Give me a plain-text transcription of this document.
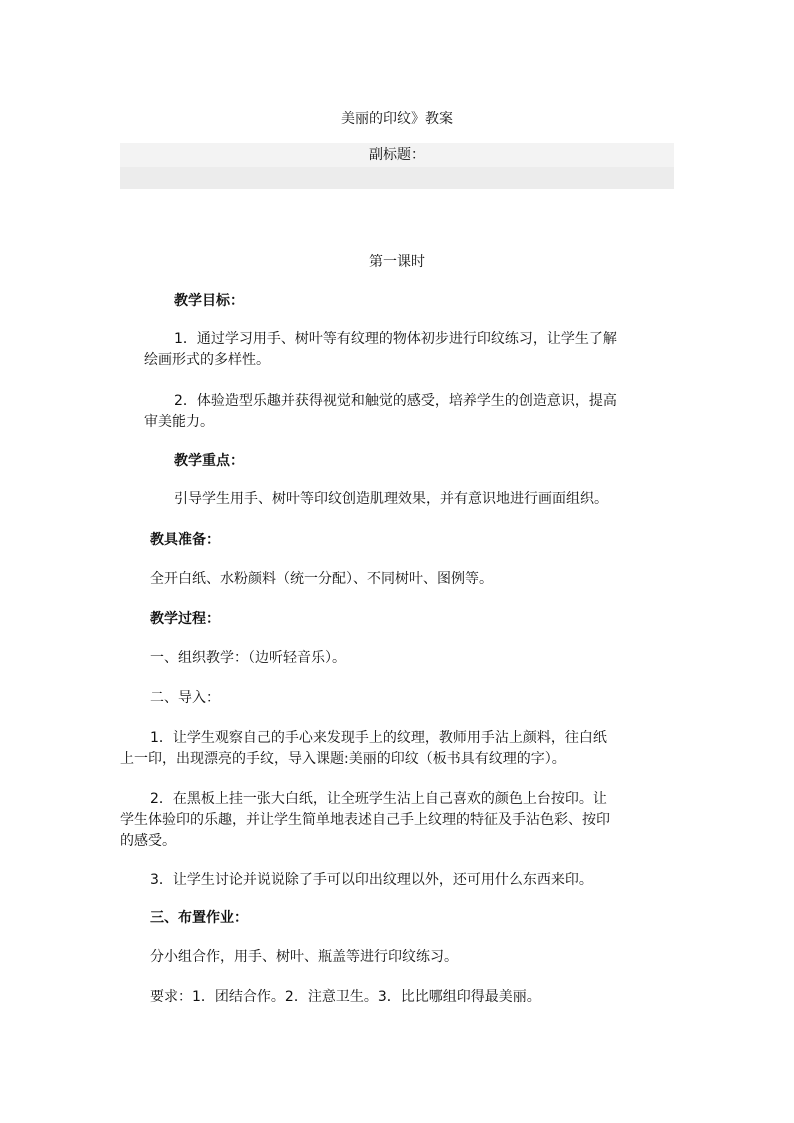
美丽的印纹》教案
副标题：
第一课时
教学目标：
1．通过学习用手、树叶等有纹理的物体初步进行印纹练习，让学生了解
绘画形式的多样性。
2．体验造型乐趣并获得视觉和触觉的感受，培养学生的创造意识，提高
审美能力。
教学重点：
引导学生用手、树叶等印纹创造肌理效果，并有意识地进行画面组织。
教具准备：
全开白纸、水粉颜料（统一分配）、不同树叶、图例等。
教学过程：
一、组织教学：（边听轻音乐）。
二、导入：
1．让学生观察自己的手心来发现手上的纹理，教师用手沾上颜料，往白纸
上一印，出现漂亮的手纹，导入课题:美丽的印纹（板书具有纹理的字）。
2．在黑板上挂一张大白纸，让全班学生沾上自己喜欢的颜色上台按印。让
学生体验印的乐趣，并让学生简单地表述自己手上纹理的特征及手沾色彩、按印
的感受。
3．让学生讨论并说说除了手可以印出纹理以外，还可用什么东西来印。
三、布置作业：
分小组合作，用手、树叶、瓶盖等进行印纹练习。
要求：1．团结合作。2．注意卫生。3．比比哪组印得最美丽。
